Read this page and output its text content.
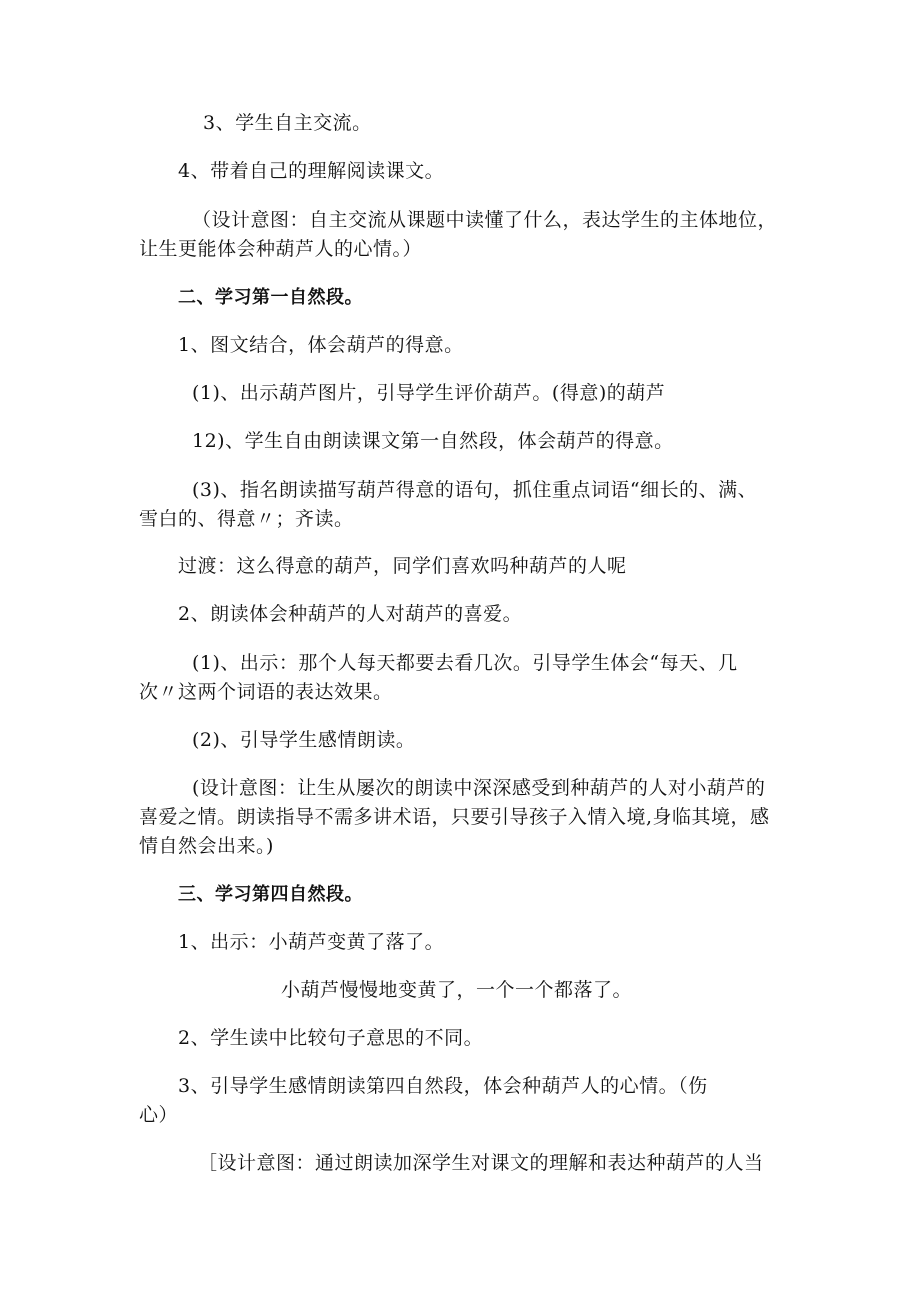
3、学生自主交流。
4、带着自己的理解阅读课文。
（设计意图：自主交流从课题中读懂了什么，表达学生的主体地位，
让生更能体会种葫芦人的心情。）
二、学习第一自然段。
1、图文结合，体会葫芦的得意。
(1)、出示葫芦图片，引导学生评价葫芦。(得意)的葫芦
12)、学生自由朗读课文第一自然段，体会葫芦的得意。
(3)、指名朗读描写葫芦得意的语句，抓住重点词语“细长的、满、
雪白的、得意〃；齐读。
过渡：这么得意的葫芦，同学们喜欢吗种葫芦的人呢
2、朗读体会种葫芦的人对葫芦的喜爱。
(1)、出示：那个人每天都要去看几次。引导学生体会“每天、几
次〃这两个词语的表达效果。
(2)、引导学生感情朗读。
(设计意图：让生从屡次的朗读中深深感受到种葫芦的人对小葫芦的
喜爱之情。朗读指导不需多讲术语，只要引导孩子入情入境,身临其境，感
情自然会出来。)
三、学习第四自然段。
1、出示：小葫芦变黄了落了。
小葫芦慢慢地变黄了，一个一个都落了。
2、学生读中比较句子意思的不同。
3、引导学生感情朗读第四自然段，体会种葫芦人的心情。（伤
心）
［设计意图：通过朗读加深学生对课文的理解和表达种葫芦的人当
